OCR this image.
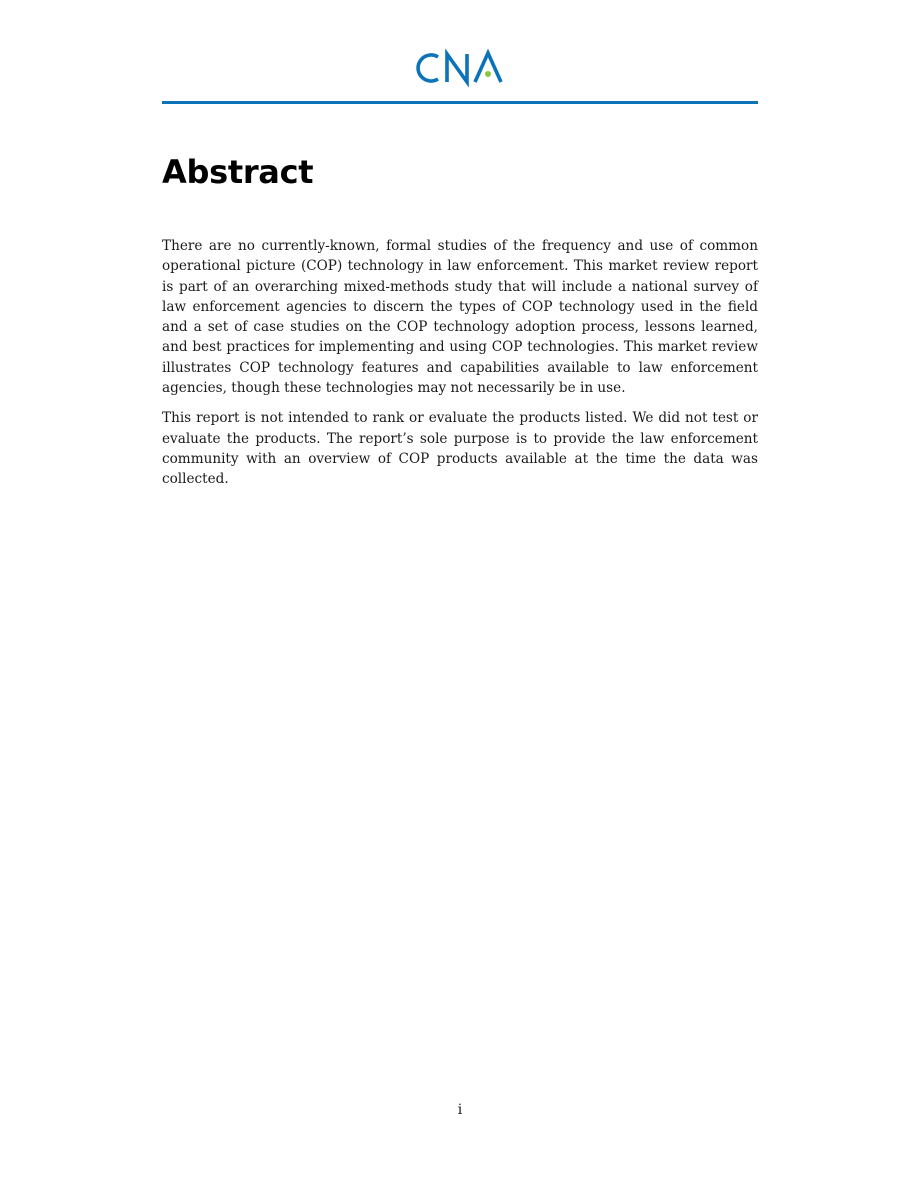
Abstract

There are no currently-known, formal studies of the frequency and use of common operational picture (COP) technology in law enforcement. This market review report is part of an overarching mixed-methods study that will include a national survey of law enforcement agencies to discern the types of COP technology used in the field and a set of case studies on the COP technology adoption process, lessons learned, and best practices for implementing and using COP technologies. This market review illustrates COP technology features and capabilities available to law enforcement agencies, though these technologies may not necessarily be in use.

This report is not intended to rank or evaluate the products listed. We did not test or evaluate the products. The report’s sole purpose is to provide the law enforcement community with an overview of COP products available at the time the data was collected.

i
